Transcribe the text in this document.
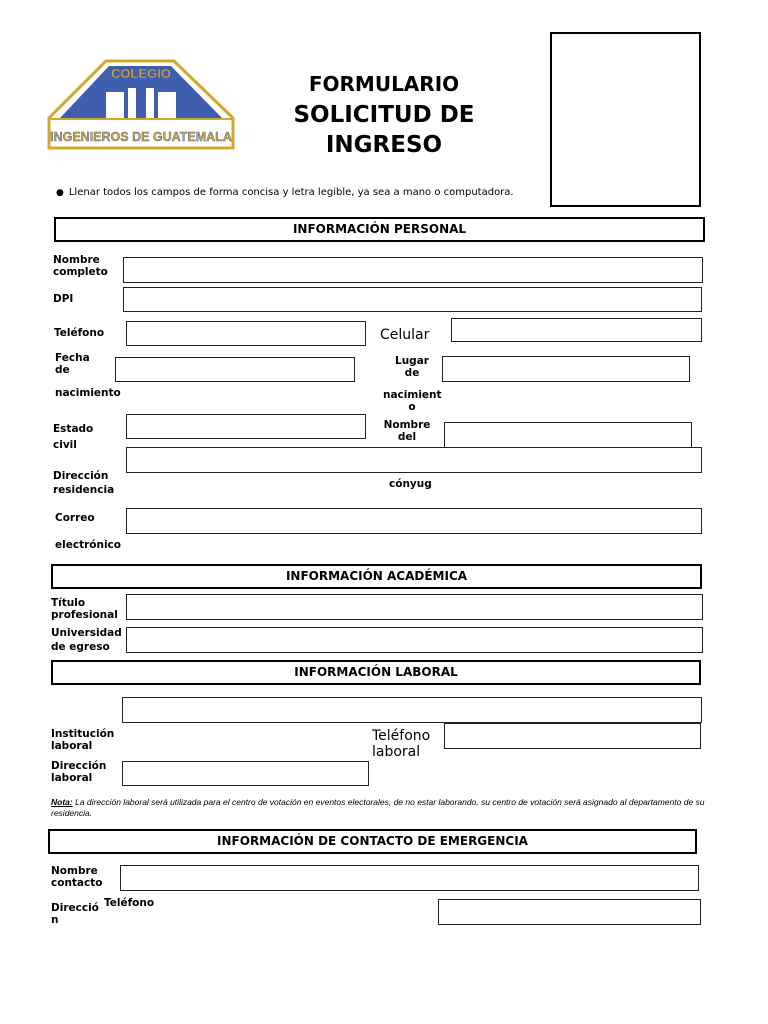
COLEGIO
INGENIEROS DE GUATEMALA
FORMULARIO
SOLICITUD DE INGRESO
● Llenar todos los campos de forma concisa y letra legible, ya sea a mano o computadora.
INFORMACIÓN PERSONAL
Nombre
completo
DPI
Teléfono	Celular
Fecha
de
nacimiento
Lugar
de
nacimient
o
Estado
civil
Nombre
del
Dirección
residencia	cónyug
Correo
electrónico
INFORMACIÓN ACADÉMICA
Título
profesional
Universidad
de egreso
INFORMACIÓN LABORAL
Institución
laboral
Teléfono
laboral
Dirección
laboral
Nota: La dirección laboral será utilizada para el centro de votación en eventos electorales, de no estar laborando, su centro de votación será asignado al departamento de su residencia.
INFORMACIÓN DE CONTACTO DE EMERGENCIA
Nombre
contacto
Direcció
n
Teléfono
